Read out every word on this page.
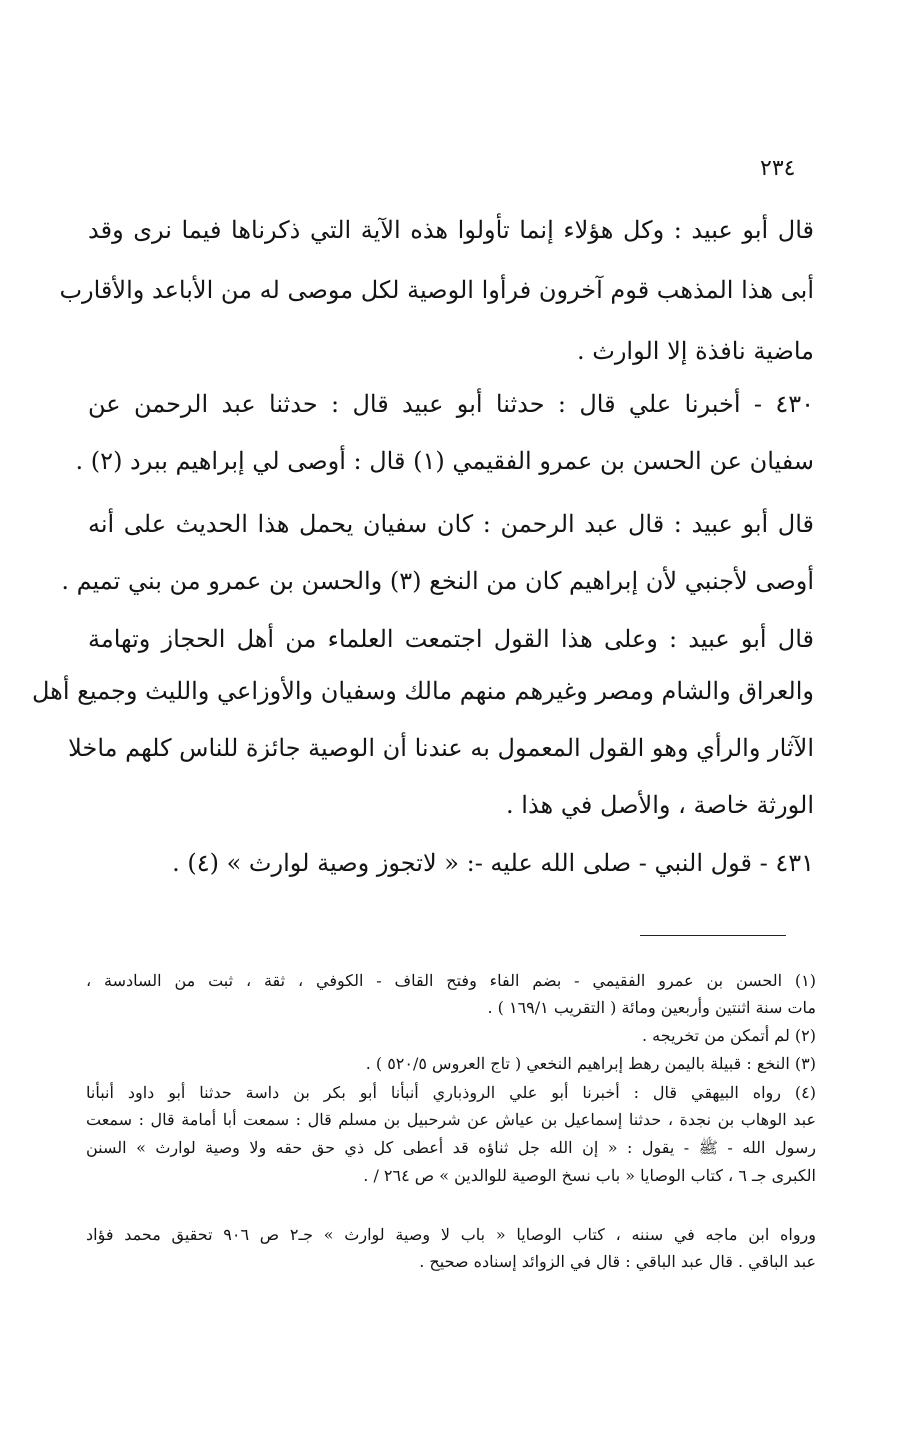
٢٣٤
قال أبو عبيد : وكل هؤلاء إنما تأولوا هذه الآية التي ذكرناها فيما نرى وقد
أبى هذا المذهب قوم آخرون فرأوا الوصية لكل موصى له من الأباعد والأقارب
ماضية نافذة إلا الوارث .
٤٣٠ - أخبرنا علي قال : حدثنا أبو عبيد قال : حدثنا عبد الرحمن عن
سفيان عن الحسن بن عمرو الفقيمي (١) قال : أوصى لي إبراهيم ببرد (٢) .
قال أبو عبيد : قال عبد الرحمن : كان سفيان يحمل هذا الحديث على أنه
أوصى لأجنبي لأن إبراهيم كان من النخع (٣) والحسن بن عمرو من بني تميم .
قال أبو عبيد : وعلى هذا القول اجتمعت العلماء من أهل الحجاز وتهامة
والعراق والشام ومصر وغيرهم منهم مالك وسفيان والأوزاعي والليث وجميع أهل
الآثار والرأي وهو القول المعمول به عندنا أن الوصية جائزة للناس كلهم ماخلا
الورثة خاصة ، والأصل في هذا .
٤٣١ - قول النبي - صلى الله عليه -: « لاتجوز وصية لوارث » (٤) .
(١) الحسن بن عمرو الفقيمي - بضم الفاء وفتح القاف - الكوفي ، ثقة ، ثبت من السادسة ،
مات سنة اثنتين وأربعين ومائة ( التقريب ١٦٩/١ ) .
(٢) لم أتمكن من تخريجه .
(٣) النخع : قبيلة باليمن رهط إبراهيم النخعي ( تاج العروس ٥٢٠/٥ ) .
(٤) رواه البيهقي قال : أخبرنا أبو علي الروذباري أنبأنا أبو بكر بن داسة حدثنا أبو داود أنبأنا
عبد الوهاب بن نجدة ، حدثنا إسماعيل بن عياش عن شرحبيل بن مسلم قال : سمعت أبا أمامة قال : سمعت
رسول الله - ﷺ - يقول : « إن الله جل ثناؤه قد أعطى كل ذي حق حقه ولا وصية لوارث » السنن
الكبرى جـ ٦ ، كتاب الوصايا « باب نسخ الوصية للوالدين » ص ٢٦٤ / .
ورواه ابن ماجه في سننه ، كتاب الوصايا « باب لا وصية لوارث » جـ٢ ص ٩٠٦ تحقيق محمد فؤاد
عبد الباقي . قال عبد الباقي : قال في الزوائد إسناده صحيح .
